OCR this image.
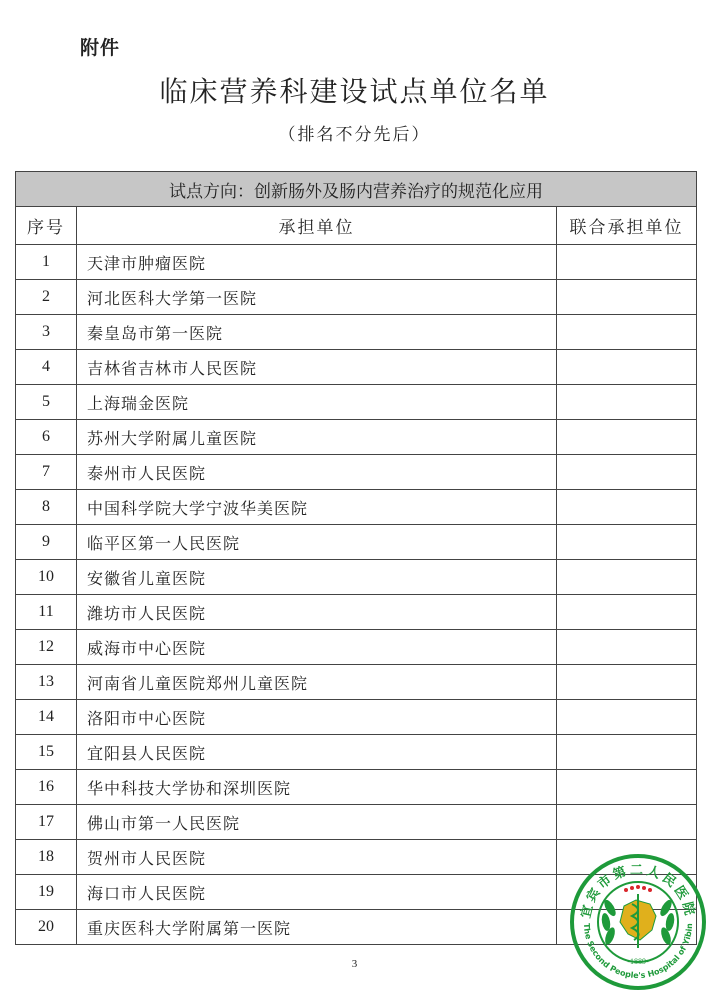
附件
临床营养科建设试点单位名单
（排名不分先后）
试点方向：创新肠外及肠内营养治疗的规范化应用		
序号	承担单位	联合承担单位
1	天津市肿瘤医院	
2	河北医科大学第一医院	
3	秦皇岛市第一医院	
4	吉林省吉林市人民医院	
5	上海瑞金医院	
6	苏州大学附属儿童医院	
7	泰州市人民医院	
8	中国科学院大学宁波华美医院	
9	临平区第一人民医院	
10	安徽省儿童医院	
11	潍坊市人民医院	
12	威海市中心医院	
13	河南省儿童医院郑州儿童医院	
14	洛阳市中心医院	
15	宜阳县人民医院	
16	华中科技大学协和深圳医院	
17	佛山市第一人民医院	
18	贺州市人民医院	
19	海口市人民医院	
20	重庆医科大学附属第一医院	
3
宜宾市第二人民医院
The Second People's Hospital of Yibin
-1889-
